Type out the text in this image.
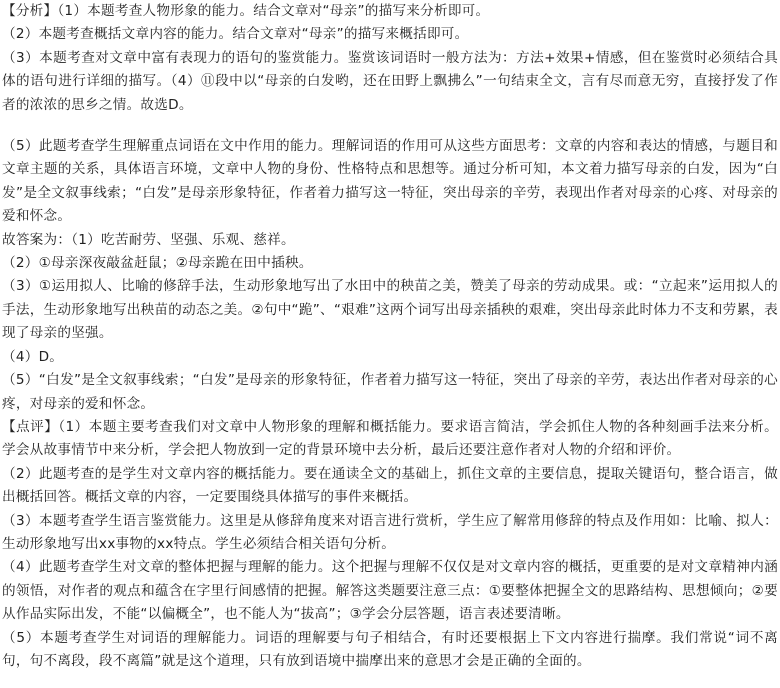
【分析】（1）本题考查人物形象的能力。结合文章对“母亲”的描写来分析即可。

（2）本题考查概括文章内容的能力。结合文章对“母亲”的描写来概括即可。

（3）本题考查对文章中富有表现力的语句的鉴赏能力。鉴赏该词语时一般方法为：方法+效果+情感，但在鉴赏时必须结合具体的语句进行详细的描写。（4）⑪段中以“母亲的白发哟，还在田野上飘拂么”一句结束全文，言有尽而意无穷，直接抒发了作者的浓浓的思乡之情。故选D。

（5）此题考查学生理解重点词语在文中作用的能力。理解词语的作用可从这些方面思考：文章的内容和表达的情感，与题目和文章主题的关系，具体语言环境，文章中人物的身份、性格特点和思想等。通过分析可知，本文着力描写母亲的白发，因为“白发”是全文叙事线索；“白发”是母亲形象特征，作者着力描写这一特征，突出母亲的辛劳，表现出作者对母亲的心疼、对母亲的爱和怀念。

故答案为：（1）吃苦耐劳、坚强、乐观、慈祥。

（2）①母亲深夜敲盆赶鼠；②母亲跪在田中插秧。

（3）①运用拟人、比喻的修辞手法，生动形象地写出了水田中的秧苗之美，赞美了母亲的劳动成果。或：“立起来”运用拟人的手法，生动形象地写出秧苗的动态之美。②句中“跪”、“艰难”这两个词写出母亲插秧的艰难，突出母亲此时体力不支和劳累，表现了母亲的坚强。

（4）D。

（5）“白发”是全文叙事线索；“白发”是母亲的形象特征，作者着力描写这一特征，突出了母亲的辛劳，表达出作者对母亲的心疼，对母亲的爱和怀念。

【点评】（1）本题主要考查我们对文章中人物形象的理解和概括能力。要求语言简洁，学会抓住人物的各种刻画手法来分析。学会从故事情节中来分析，学会把人物放到一定的背景环境中去分析，最后还要注意作者对人物的介绍和评价。

（2）此题考查的是学生对文章内容的概括能力。要在通读全文的基础上，抓住文章的主要信息，提取关键语句，整合语言，做出概括回答。概括文章的内容，一定要围绕具体描写的事件来概括。

（3）本题考查学生语言鉴赏能力。这里是从修辞角度来对语言进行赏析，学生应了解常用修辞的特点及作用如：比喻、拟人：生动形象地写出xx事物的xx特点。学生必须结合相关语句分析。

（4）此题考查学生对文章的整体把握与理解的能力。这个把握与理解不仅仅是对文章内容的概括，更重要的是对文章精神内涵的领悟，对作者的观点和蕴含在字里行间感情的把握。解答这类题要注意三点：①要整体把握全文的思路结构、思想倾向；②要从作品实际出发，不能“以偏概全”，也不能人为“拔高”；③学会分层答题，语言表述要清晰。

（5）本题考查学生对词语的理解能力。词语的理解要与句子相结合，有时还要根据上下文内容进行揣摩。我们常说“词不离句，句不离段，段不离篇”就是这个道理，只有放到语境中揣摩出来的意思才会是正确的全面的。
